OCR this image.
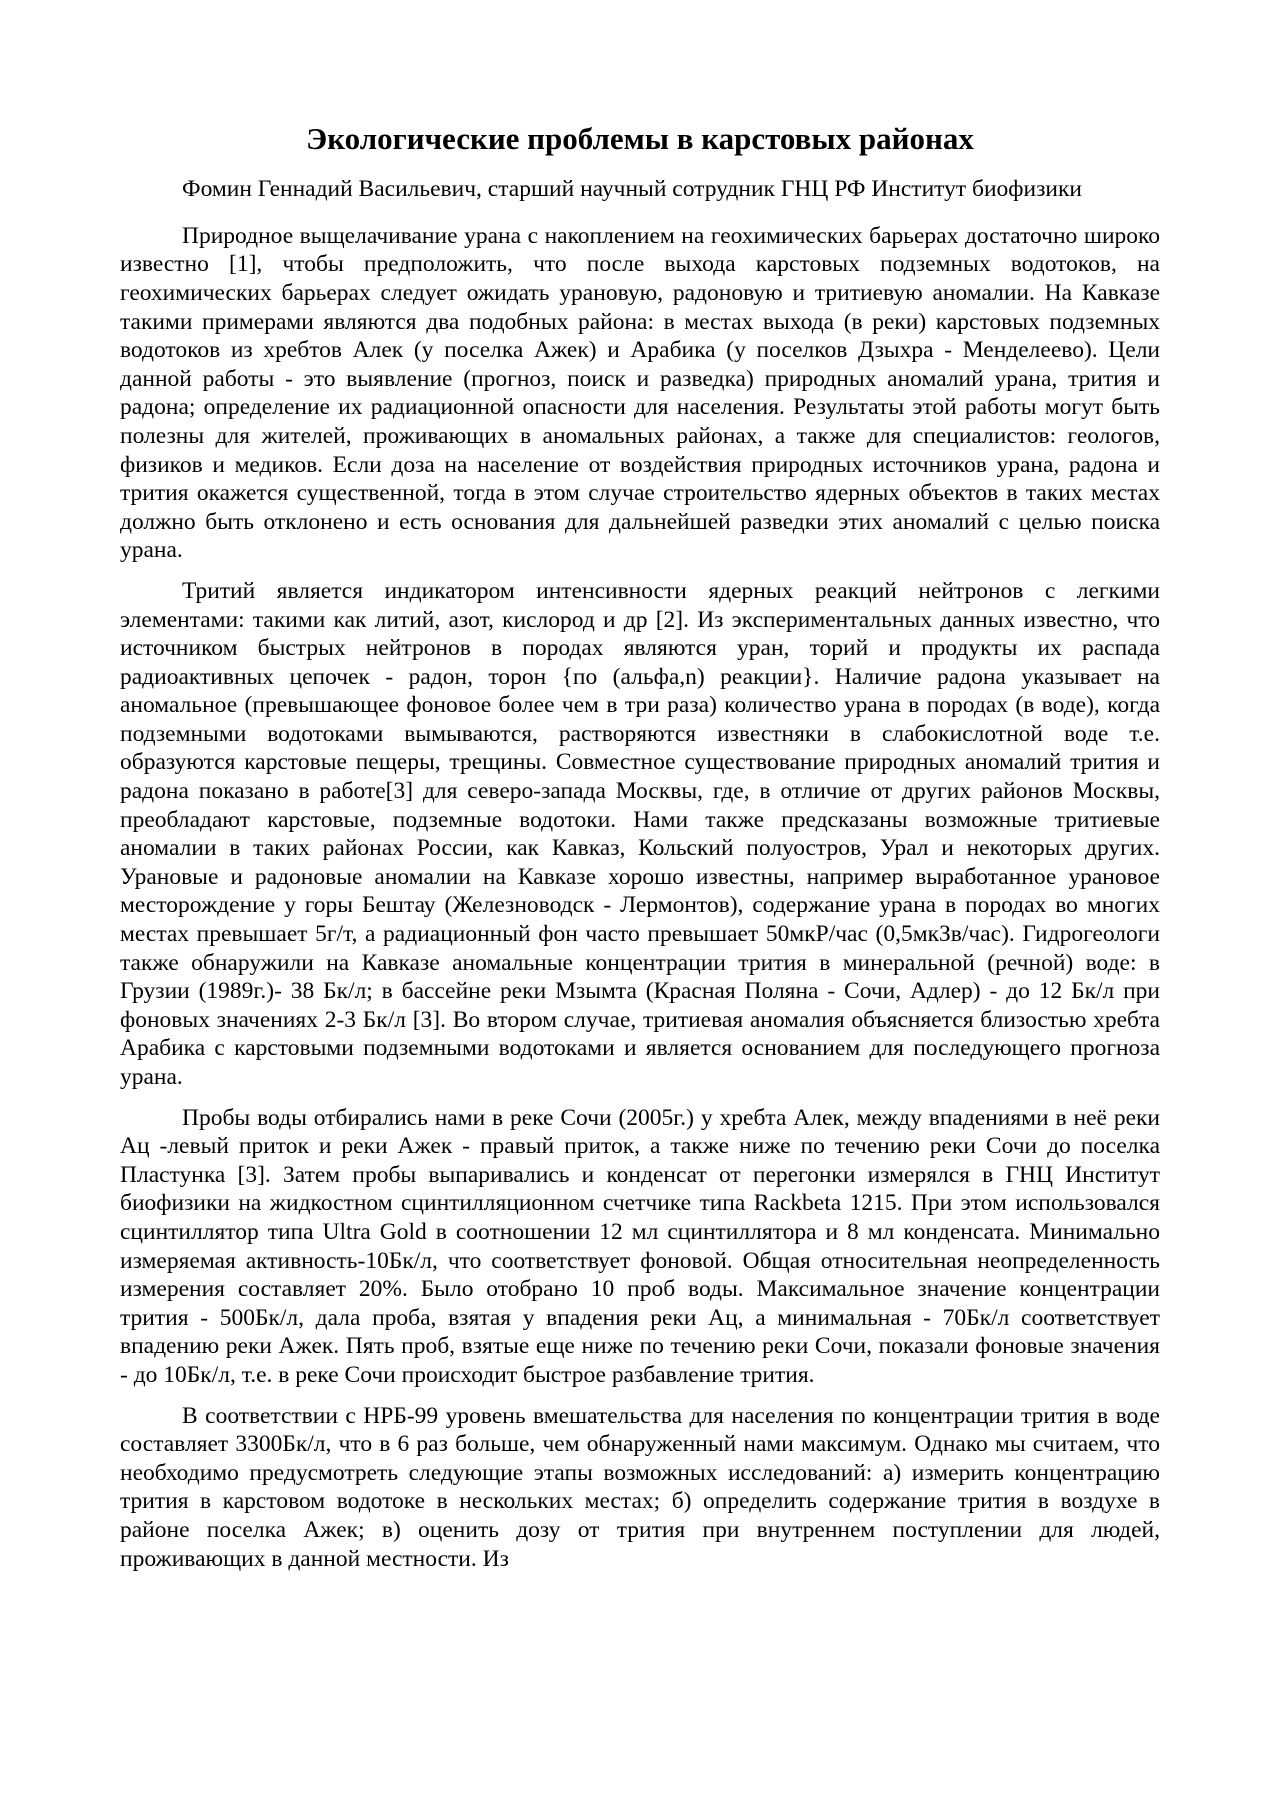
Экологические проблемы в карстовых районах

Фомин Геннадий Васильевич, старший научный сотрудник ГНЦ РФ Институт биофизики

Природное выщелачивание урана с накоплением на геохимических барьерах достаточно широко известно [1], чтобы предположить, что после выхода карстовых подземных водотоков, на геохимических барьерах следует ожидать урановую, радоновую и тритиевую аномалии. На Кавказе такими примерами являются два подобных района: в местах выхода (в реки) карстовых подземных водотоков из хребтов Алек (у поселка Ажек) и Арабика (у поселков Дзыхра - Менделеево). Цели данной работы - это выявление (прогноз, поиск и разведка) природных аномалий урана, трития и радона; определение их радиационной опасности для населения. Результаты этой работы могут быть полезны для жителей, проживающих в аномальных районах, а также для специалистов: геологов, физиков и медиков. Если доза на население от воздействия природных источников урана, радона и трития окажется существенной, тогда в этом случае строительство ядерных объектов в таких местах должно быть отклонено и есть основания для дальнейшей разведки этих аномалий с целью поиска урана.

Тритий является индикатором интенсивности ядерных реакций нейтронов с легкими элементами: такими как литий, азот, кислород и др [2]. Из экспериментальных данных известно, что источником быстрых нейтронов в породах являются уран, торий и продукты их распада радиоактивных цепочек - радон, торон {по (альфа,n) реакции}. Наличие радона указывает на аномальное (превышающее фоновое более чем в три раза) количество урана в породах (в воде), когда подземными водотоками вымываются, растворяются известняки в слабокислотной воде т.е. образуются карстовые пещеры, трещины. Совместное существование природных аномалий трития и радона показано в работе[3] для северо-запада Москвы, где, в отличие от других районов Москвы, преобладают карстовые, подземные водотоки. Нами также предсказаны возможные тритиевые аномалии в таких районах России, как Кавказ, Кольский полуостров, Урал и некоторых других. Урановые и радоновые аномалии на Кавказе хорошо известны, например выработанное урановое месторождение у горы Бештау (Железноводск - Лермонтов), содержание урана в породах во многих местах превышает 5г/т, а радиационный фон часто превышает 50мкР/час (0,5мкЗв/час). Гидрогеологи также обнаружили на Кавказе аномальные концентрации трития в минеральной (речной) воде: в Грузии (1989г.)- 38 Бк/л; в бассейне реки Мзымта (Красная Поляна - Сочи, Адлер) - до 12 Бк/л при фоновых значениях 2-3 Бк/л [3]. Во втором случае, тритиевая аномалия объясняется близостью хребта Арабика с карстовыми подземными водотоками и является основанием для последующего прогноза урана.

Пробы воды отбирались нами в реке Сочи (2005г.) у хребта Алек, между впадениями в неё реки Ац -левый приток и реки Ажек - правый приток, а также ниже по течению реки Сочи до поселка Пластунка [3]. Затем пробы выпаривались и конденсат от перегонки измерялся в ГНЦ Институт биофизики на жидкостном сцинтилляционном счетчике типа Rackbeta 1215. При этом использовался сцинтиллятор типа Ultra Gold в соотношении 12 мл сцинтиллятора и 8 мл конденсата. Минимально измеряемая активность-10Бк/л, что соответствует фоновой. Общая относительная неопределенность измерения составляет 20%. Было отобрано 10 проб воды. Максимальное значение концентрации трития - 500Бк/л, дала проба, взятая у впадения реки Ац, а минимальная - 70Бк/л соответствует впадению реки Ажек. Пять проб, взятые еще ниже по течению реки Сочи, показали фоновые значения - до 10Бк/л, т.е. в реке Сочи происходит быстрое разбавление трития.

В соответствии с НРБ-99 уровень вмешательства для населения по концентрации трития в воде составляет 3300Бк/л, что в 6 раз больше, чем обнаруженный нами максимум. Однако мы считаем, что необходимо предусмотреть следующие этапы возможных исследований: а) измерить концентрацию трития в карстовом водотоке в нескольких местах; б) определить содержание трития в воздухе в районе поселка Ажек; в) оценить дозу от трития при внутреннем поступлении для людей, проживающих в данной местности. Из
